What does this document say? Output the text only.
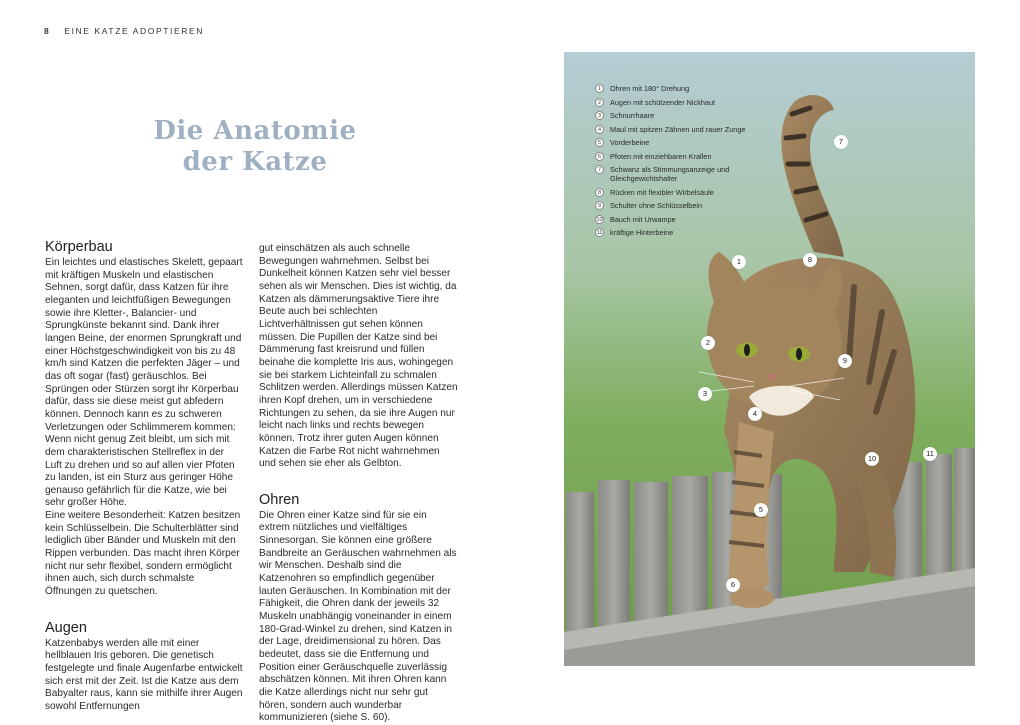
8 EINE KATZE ADOPTIEREN
Die Anatomie
der Katze
Körperbau

Ein leichtes und elastisches Skelett, gepaart mit kräftigen Muskeln und elastischen Sehnen, sorgt dafür, dass Katzen für ihre eleganten und leichtfüßigen Bewegungen sowie ihre Kletter-, Balancier- und Sprungkünste bekannt sind. Dank ihrer langen Beine, der enormen Sprungkraft und einer Höchstgeschwindigkeit von bis zu 48 km/h sind Katzen die perfekten Jäger – und das oft sogar (fast) geräuschlos. Bei Sprüngen oder Stürzen sorgt ihr Körperbau dafür, dass sie diese meist gut abfedern können. Dennoch kann es zu schweren Verletzungen oder Schlimmerem kommen: Wenn nicht genug Zeit bleibt, um sich mit dem charakteristischen Stellreflex in der Luft zu drehen und so auf allen vier Pfoten zu landen, ist ein Sturz aus geringer Höhe genauso gefährlich für die Katze, wie bei sehr großer Höhe.

Eine weitere Besonderheit: Katzen besitzen kein Schlüsselbein. Die Schulterblätter sind lediglich über Bänder und Muskeln mit den Rippen verbunden. Das macht ihren Körper nicht nur sehr flexibel, sondern ermöglicht ihnen auch, sich durch schmalste Öffnungen zu quetschen.

Augen

Katzenbabys werden alle mit einer hellblauen Iris geboren. Die genetisch festgelegte und finale Augenfarbe entwickelt sich erst mit der Zeit. Ist die Katze aus dem Babyalter raus, kann sie mithilfe ihrer Augen sowohl Entfernungen

gut einschätzen als auch schnelle Bewegungen wahrnehmen. Selbst bei Dunkelheit können Katzen sehr viel besser sehen als wir Menschen. Dies ist wichtig, da Katzen als dämmerungsaktive Tiere ihre Beute auch bei schlechten Lichtverhältnissen gut sehen können müssen. Die Pupillen der Katze sind bei Dämmerung fast kreisrund und füllen beinahe die komplette Iris aus, wohingegen sie bei starkem Lichteinfall zu schmalen Schlitzen werden. Allerdings müssen Katzen ihren Kopf drehen, um in verschiedene Richtungen zu sehen, da sie ihre Augen nur leicht nach links und rechts bewegen können. Trotz ihrer guten Augen können Katzen die Farbe Rot nicht wahrnehmen und sehen sie eher als Gelbton.

Ohren

Die Ohren einer Katze sind für sie ein extrem nützliches und vielfältiges Sinnesorgan. Sie können eine größere Bandbreite an Geräuschen wahrnehmen als wir Menschen. Deshalb sind die Katzenohren so empfindlich gegenüber lauten Geräuschen. In Kombination mit der Fähigkeit, die Ohren dank der jeweils 32 Muskeln unabhängig voneinander in einem 180-Grad-Winkel zu drehen, sind Katzen in der Lage, dreidimensional zu hören. Das bedeutet, dass sie die Entfernung und Position einer Geräuschquelle zuverlässig abschätzen können. Mit ihren Ohren kann die Katze allerdings nicht nur sehr gut hören, sondern auch wunderbar kommunizieren (siehe S. 60).

1	Ohren mit 180° Drehung
2	Augen mit schützender Nickhaut
3	Schnurrhaare
4	Maul mit spitzen Zähnen und rauer Zunge
5	Vorderbeine
6	Pfoten mit einziehbaren Krallen
7	Schwanz als Stimmungsanzeige und Gleichgewichtshalter
8	Rücken mit flexibler Wirbelsäule
9	Schulter ohne Schlüsselbein
10 Bauch mit Urwampe
11 kräftige Hinterbeine
1
2
3
4
5
6
7
8
9
10
11
